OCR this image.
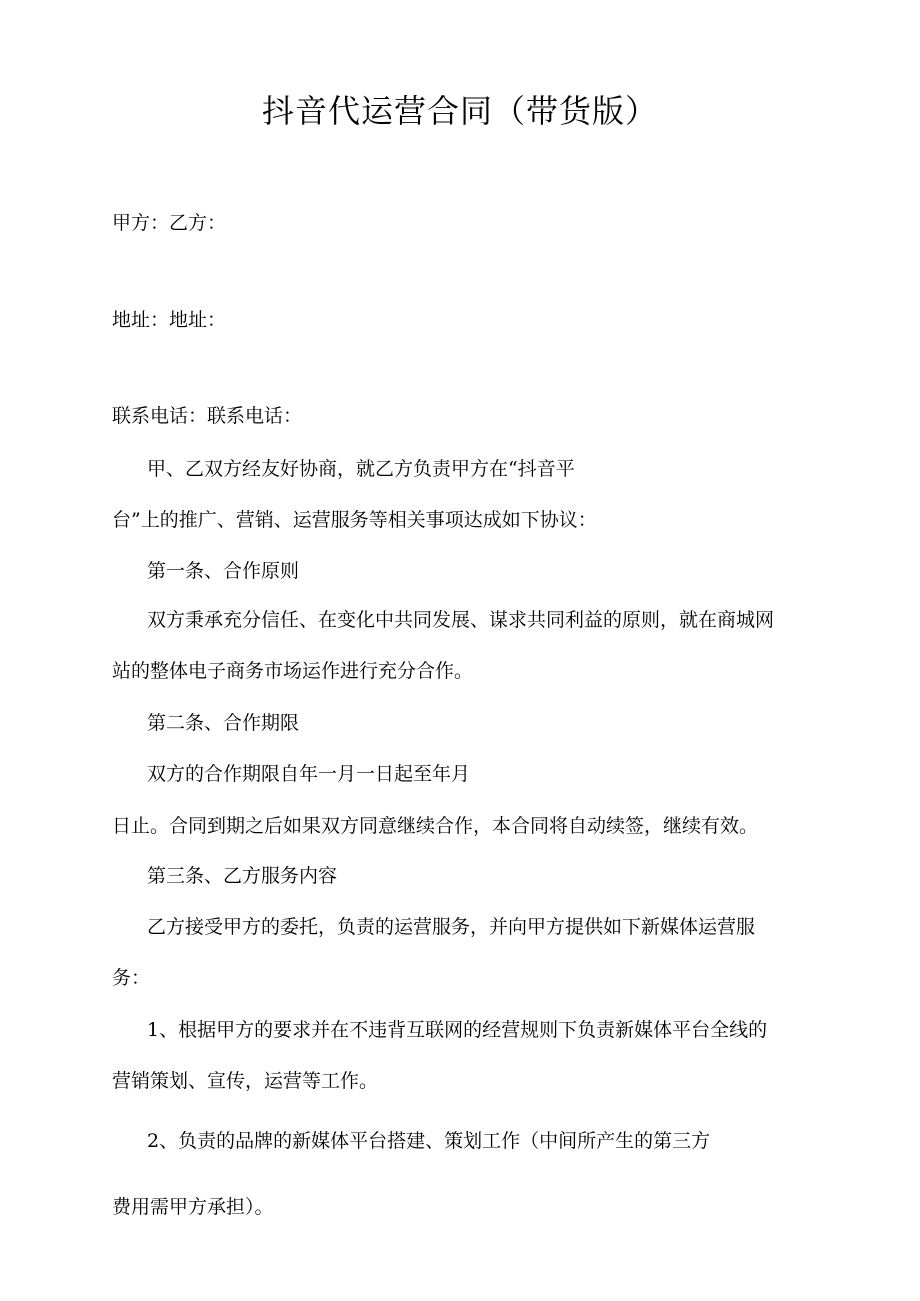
抖音代运营合同（带货版）
甲方：乙方：
地址：地址：
联系电话：联系电话：
甲、乙双方经友好协商，就乙方负责甲方在“抖音平
台”上的推广、营销、运营服务等相关事项达成如下协议：
第一条、合作原则
双方秉承充分信任、在变化中共同发展、谋求共同利益的原则，就在商城网
站的整体电子商务市场运作进行充分合作。
第二条、合作期限
双方的合作期限自年一月一日起至年月
日止。合同到期之后如果双方同意继续合作，本合同将自动续签，继续有效。
第三条、乙方服务内容
乙方接受甲方的委托，负责的运营服务，并向甲方提供如下新媒体运营服
务：
1、根据甲方的要求并在不违背互联网的经营规则下负责新媒体平台全线的
营销策划、宣传，运营等工作。
2、负责的品牌的新媒体平台搭建、策划工作（中间所产生的第三方
费用需甲方承担）。
